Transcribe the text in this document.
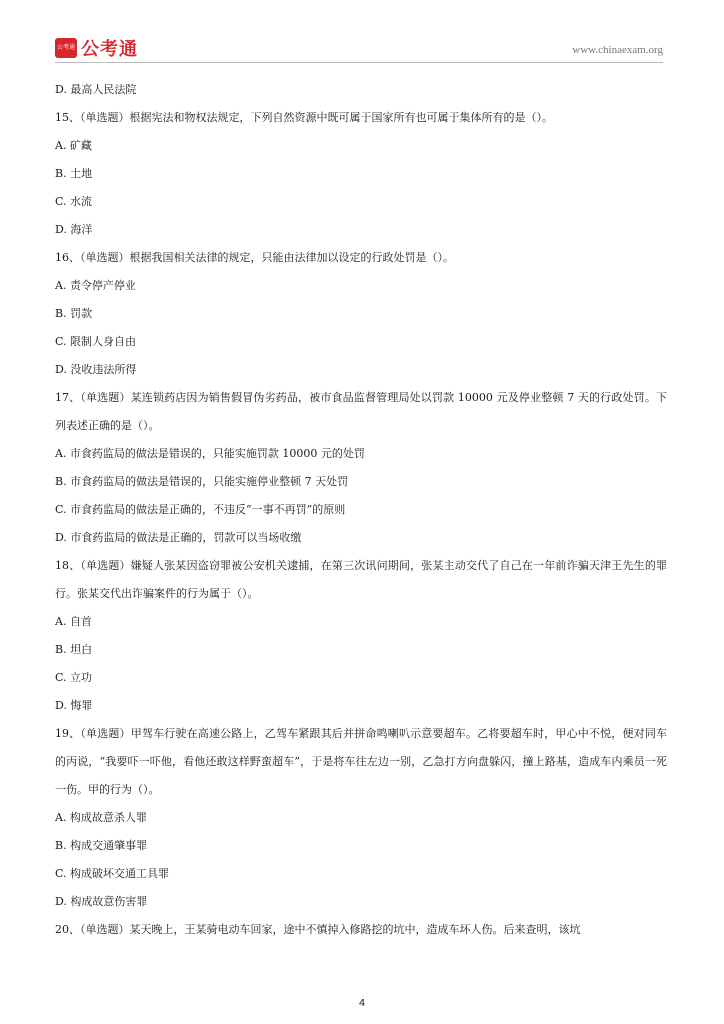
公考通 公考通	www.chinaexam.org

D. 最高人民法院

15、（单选题）根据宪法和物权法规定，下列自然资源中既可属于国家所有也可属于集体所有的是（）。

A. 矿藏

B. 土地

C. 水流

D. 海洋

16、（单选题）根据我国相关法律的规定，只能由法律加以设定的行政处罚是（）。

A. 责令停产停业

B. 罚款

C. 限制人身自由

D. 没收违法所得

17、（单选题）某连锁药店因为销售假冒伪劣药品，被市食品监督管理局处以罚款 10000 元及停业整顿 7 天的行政处罚。下列表述正确的是（）。

A. 市食药监局的做法是错误的，只能实施罚款 10000 元的处罚

B. 市食药监局的做法是错误的，只能实施停业整顿 7 天处罚

C. 市食药监局的做法是正确的，不违反“一事不再罚”的原则

D. 市食药监局的做法是正确的，罚款可以当场收缴

18、（单选题）嫌疑人张某因盗窃罪被公安机关逮捕，在第三次讯问期间，张某主动交代了自己在一年前诈骗天津王先生的罪行。张某交代出诈骗案件的行为属于（）。

A. 自首

B. 坦白

C. 立功

D. 悔罪

19、（单选题）甲驾车行驶在高速公路上，乙驾车紧跟其后并拼命鸣喇叭示意要超车。乙将要超车时，甲心中不悦，便对同车的丙说，“我要吓一吓他，看他还敢这样野蛮超车”，于是将车往左边一别，乙急打方向盘躲闪，撞上路基，造成车内乘员一死一伤。甲的行为（）。

A. 构成故意杀人罪

B. 构成交通肇事罪

C. 构成破坏交通工具罪

D. 构成故意伤害罪

20、（单选题）某天晚上，王某骑电动车回家，途中不慎掉入修路挖的坑中，造成车坏人伤。后来查明，该坑

4
